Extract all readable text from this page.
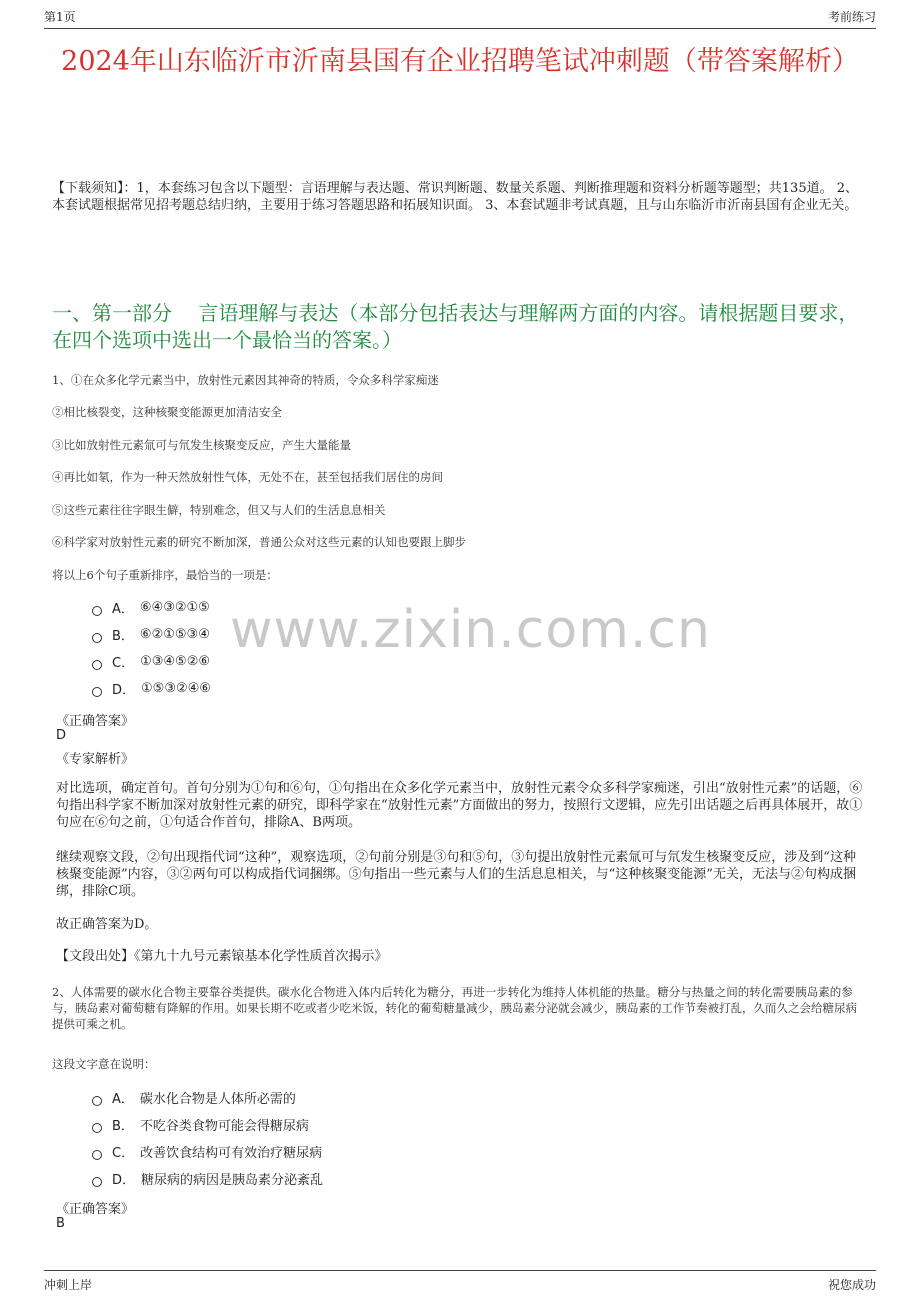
第1页	考前练习
2024年山东临沂市沂南县国有企业招聘笔试冲刺题（带答案解析）
【下载须知】：1，本套练习包含以下题型：言语理解与表达题、常识判断题、数量关系题、判断推理题和资料分析题等题型；共135道。 2、本套试题根据常见招考题总结归纳，主要用于练习答题思路和拓展知识面。 3、本套试题非考试真题，且与山东临沂市沂南县国有企业无关。
一、第一部分　 言语理解与表达（本部分包括表达与理解两方面的内容。请根据题目要求，在四个选项中选出一个最恰当的答案。）
www.zixin.com.cn
1、①在众多化学元素当中，放射性元素因其神奇的特质，令众多科学家痴迷
②相比核裂变，这种核聚变能源更加清洁安全
③比如放射性元素氚可与氘发生核聚变反应，产生大量能量
④再比如氡，作为一种天然放射性气体，无处不在，甚至包括我们居住的房间
⑤这些元素往往字眼生僻，特别难念，但又与人们的生活息息相关
⑥科学家对放射性元素的研究不断加深，普通公众对这些元素的认知也要跟上脚步
将以上6个句子重新排序，最恰当的一项是：
A． ⑥④③②①⑤
B． ⑥②①⑤③④
C． ①③④⑤②⑥
D． ①⑤③②④⑥
《正确答案》
D
《专家解析》
对比选项，确定首句。首句分别为①句和⑥句，①句指出在众多化学元素当中，放射性元素令众多科学家痴迷，引出“放射性元素”的话题，⑥句指出科学家不断加深对放射性元素的研究，即科学家在“放射性元素”方面做出的努力，按照行文逻辑，应先引出话题之后再具体展开，故①句应在⑥句之前，①句适合作首句，排除A、B两项。
继续观察文段，②句出现指代词“这种”，观察选项，②句前分别是③句和⑤句，③句提出放射性元素氚可与氘发生核聚变反应，涉及到“这种核聚变能源”内容，③②两句可以构成指代词捆绑。⑤句指出一些元素与人们的生活息息相关，与“这种核聚变能源”无关，无法与②句构成捆绑，排除C项。
故正确答案为D。
【文段出处】《第九十九号元素锿基本化学性质首次揭示》
2、人体需要的碳水化合物主要靠谷类提供。碳水化合物进入体内后转化为糖分，再进一步转化为维持人体机能的热量。糖分与热量之间的转化需要胰岛素的参与，胰岛素对葡萄糖有降解的作用。如果长期不吃或者少吃米饭，转化的葡萄糖量减少，胰岛素分泌就会减少，胰岛素的工作节奏被打乱，久而久之会给糖尿病提供可乘之机。
这段文字意在说明：
A． 碳水化合物是人体所必需的
B． 不吃谷类食物可能会得糖尿病
C． 改善饮食结构可有效治疗糖尿病
D． 糖尿病的病因是胰岛素分泌紊乱
《正确答案》
B
冲刺上岸	祝您成功
